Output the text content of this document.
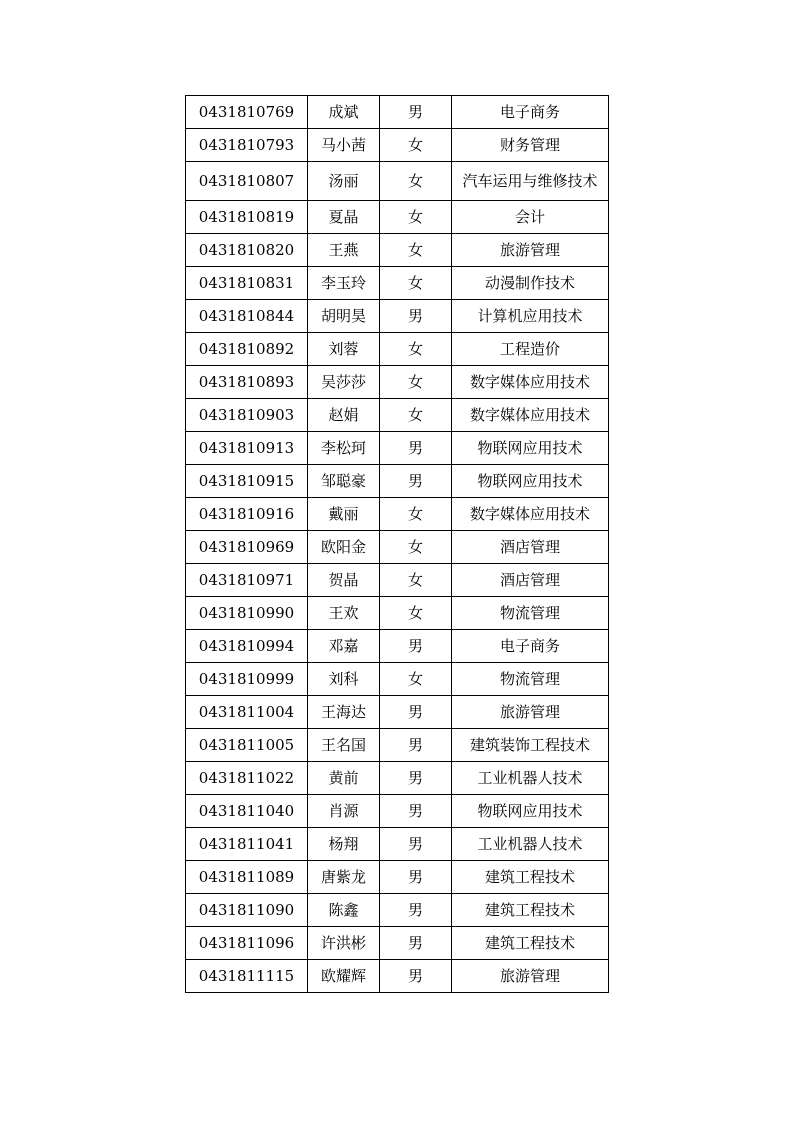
0431810769	成斌	男	电子商务
0431810793	马小茜	女	财务管理
0431810807	汤丽	女	汽车运用与维修技术
0431810819	夏晶	女	会计
0431810820	王燕	女	旅游管理
0431810831	李玉玲	女	动漫制作技术
0431810844	胡明昊	男	计算机应用技术
0431810892	刘蓉	女	工程造价
0431810893	吴莎莎	女	数字媒体应用技术
0431810903	赵娟	女	数字媒体应用技术
0431810913	李松珂	男	物联网应用技术
0431810915	邹聪豪	男	物联网应用技术
0431810916	戴丽	女	数字媒体应用技术
0431810969	欧阳金	女	酒店管理
0431810971	贺晶	女	酒店管理
0431810990	王欢	女	物流管理
0431810994	邓嘉	男	电子商务
0431810999	刘科	女	物流管理
0431811004	王海达	男	旅游管理
0431811005	王名国	男	建筑装饰工程技术
0431811022	黄前	男	工业机器人技术
0431811040	肖源	男	物联网应用技术
0431811041	杨翔	男	工业机器人技术
0431811089	唐紫龙	男	建筑工程技术
0431811090	陈鑫	男	建筑工程技术
0431811096	许洪彬	男	建筑工程技术
0431811115	欧耀辉	男	旅游管理
